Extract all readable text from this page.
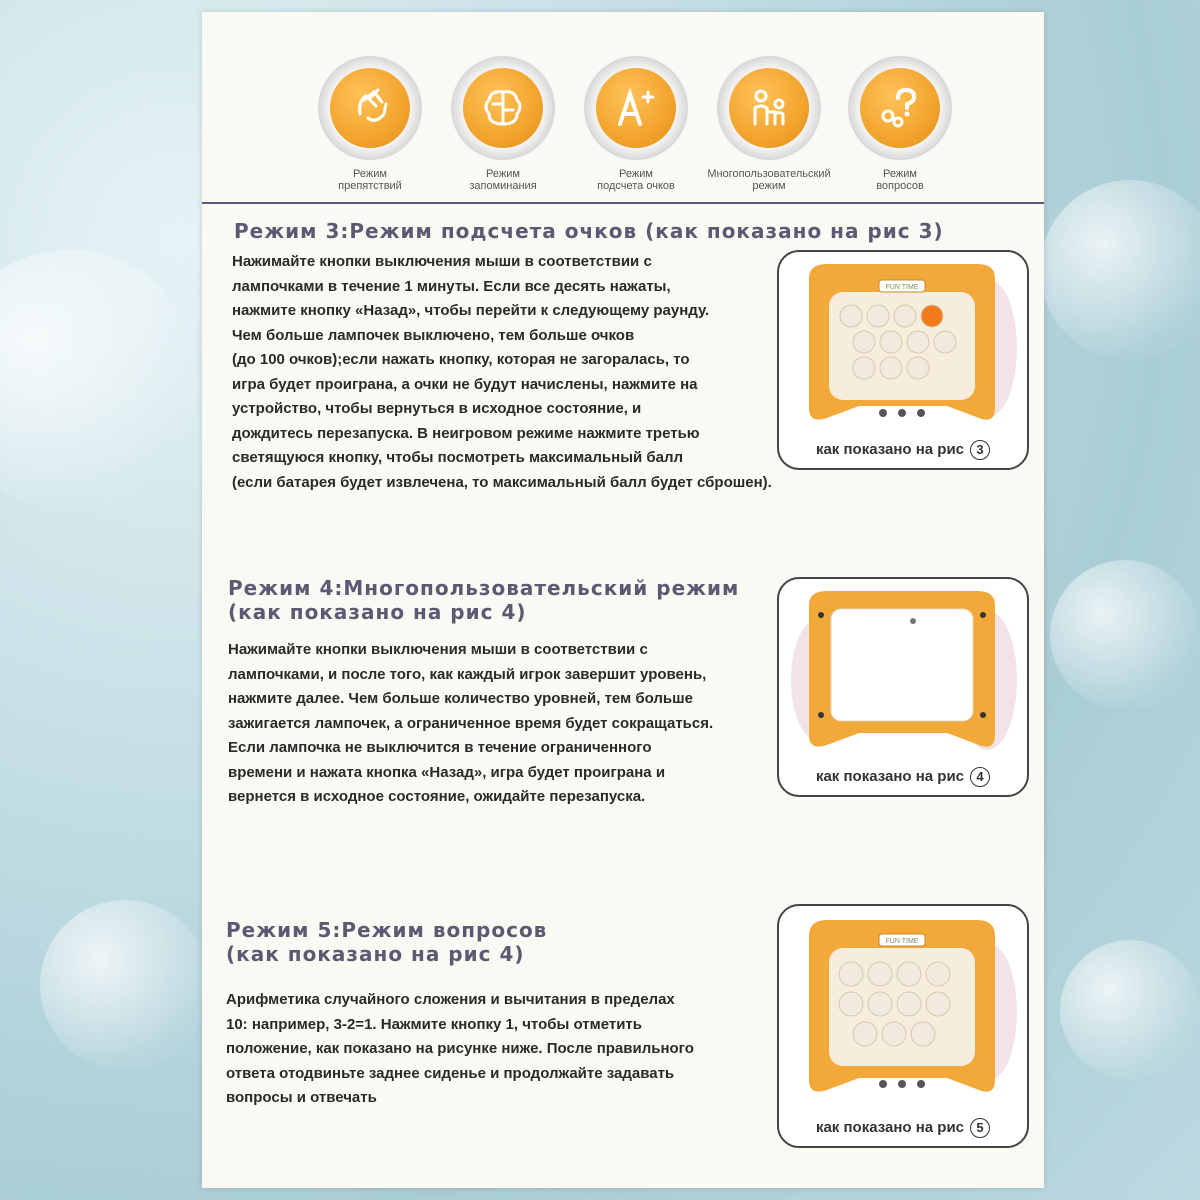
Режим
препятствий
Режим
запоминания
Режим
подсчета очков
Многопользовательский
режим
Режим
вопросов
Режим 3:Режим подсчета очков (как показано на рис 3)

Нажимайте кнопки выключения мыши в соответствии с
лампочками в течение 1 минуты. Если все десять нажаты,
нажмите кнопку «Назад», чтобы перейти к следующему раунду.
Чем больше лампочек выключено, тем больше очков
(до 100 очков);если нажать кнопку, которая не загоралась, то
игра будет проиграна, а очки не будут начислены, нажмите на
устройство, чтобы вернуться в исходное состояние, и
дождитесь перезапуска. В неигровом режиме нажмите третью
светящуюся кнопку, чтобы посмотреть максимальный балл
(если батарея будет извлечена, то максимальный балл будет сброшен).

FUN TIME
как показано на рис 3
Режим 4:Многопользовательский режим
(как показано на рис 4)

Нажимайте кнопки выключения мыши в соответствии с
лампочками, и после того, как каждый игрок завершит уровень,
нажмите далее. Чем больше количество уровней, тем больше
зажигается лампочек, а ограниченное время будет сокращаться.
Если лампочка не выключится в течение ограниченного
времени и нажата кнопка «Назад», игра будет проиграна и
вернется в исходное состояние, ожидайте перезапуска.

как показано на рис 4
Режим 5:Режим вопросов
(как показано на рис 4)

Арифметика случайного сложения и вычитания в пределах
10: например, 3-2=1. Нажмите кнопку 1, чтобы отметить
положение, как показано на рисунке ниже. После правильного
ответа отодвиньте заднее сиденье и продолжайте задавать
вопросы и отвечать

FUN TIME
как показано на рис 5
